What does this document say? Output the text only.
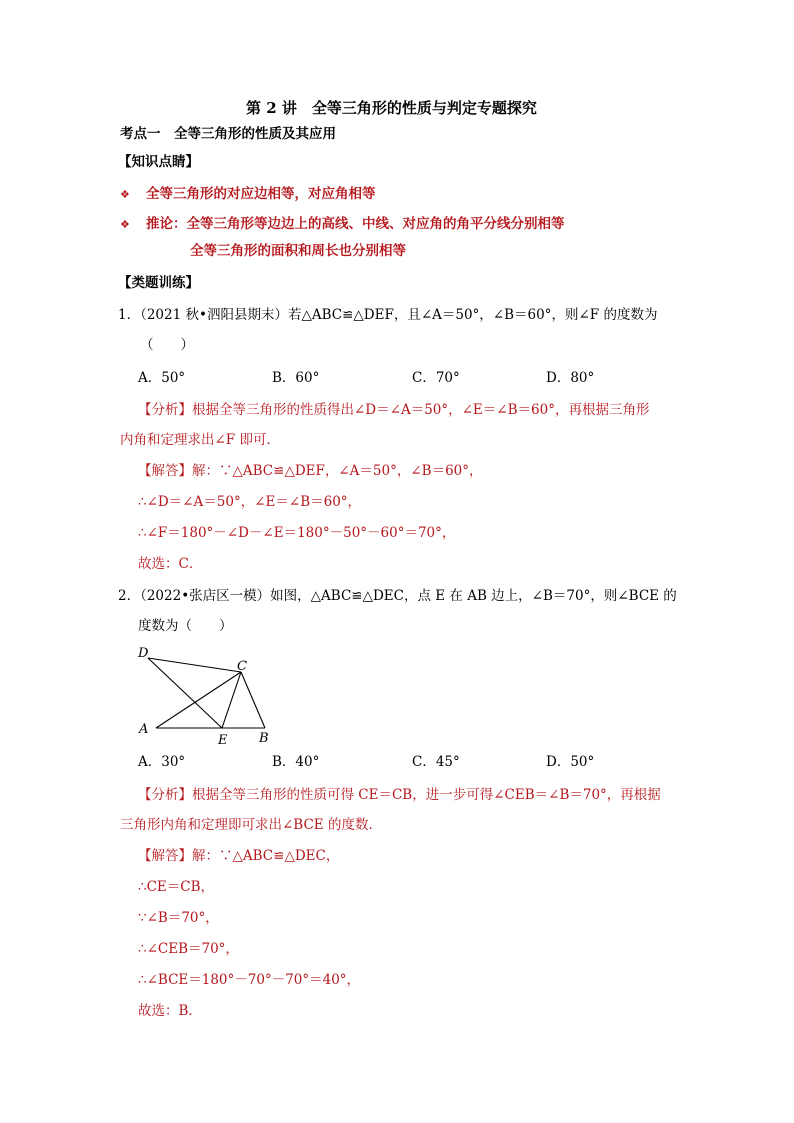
第 2 讲　全等三角形的性质与判定专题探究
考点一　全等三角形的性质及其应用
【知识点睛】
❖ 全等三角形的对应边相等，对应角相等
❖ 推论：全等三角形等边边上的高线、中线、对应角的角平分线分别相等
全等三角形的面积和周长也分别相等
【类题训练】
1．（2021 秋•泗阳县期末）若△ABC≌△DEF，且∠A＝50°，∠B＝60°，则∠F 的度数为
（　　）
A．50°	B．60°	C．70°	D．80°
【分析】根据全等三角形的性质得出∠D＝∠A＝50°，∠E＝∠B＝60°，再根据三角形
内角和定理求出∠F 即可．
【解答】解：∵△ABC≌△DEF，∠A＝50°，∠B＝60°，
∴∠D＝∠A＝50°，∠E＝∠B＝60°，
∴∠F＝180°－∠D－∠E＝180°－50°－60°＝70°，
故选：C．
2．（2022•张店区一模）如图，△ABC≌△DEC，点 E 在 AB 边上，∠B＝70°，则∠BCE 的
度数为（　　）
D
C
A
E B
A．30°	B．40°	C．45°	D．50°
【分析】根据全等三角形的性质可得 CE＝CB，进一步可得∠CEB＝∠B＝70°，再根据
三角形内角和定理即可求出∠BCE 的度数．
【解答】解：∵△ABC≌△DEC，
∴CE＝CB，
∵∠B＝70°，
∴∠CEB＝70°，
∴∠BCE＝180°－70°－70°＝40°，
故选：B．
